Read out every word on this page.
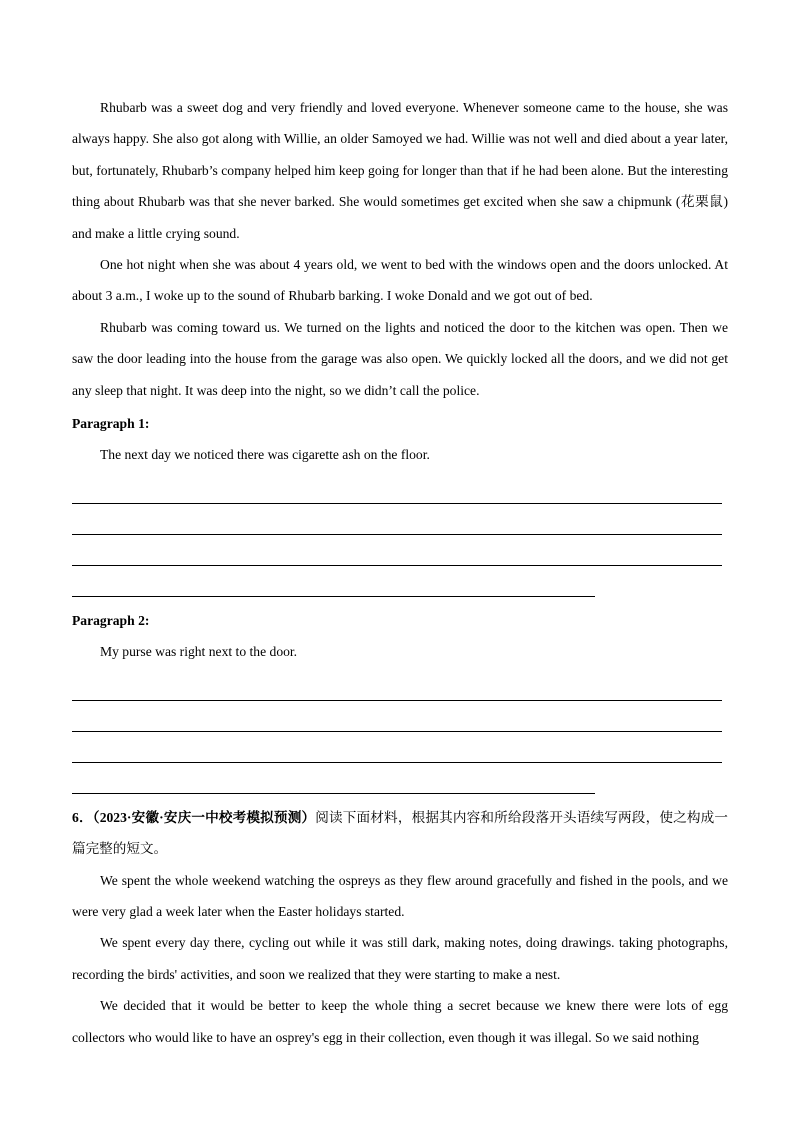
Rhubarb was a sweet dog and very friendly and loved everyone. Whenever someone came to the house, she was always happy. She also got along with Willie, an older Samoyed we had. Willie was not well and died about a year later, but, fortunately, Rhubarb’s company helped him keep going for longer than that if he had been alone. But the interesting thing about Rhubarb was that she never barked. She would sometimes get excited when she saw a chipmunk (花栗鼠) and make a little crying sound.

One hot night when she was about 4 years old, we went to bed with the windows open and the doors unlocked. At about 3 a.m., I woke up to the sound of Rhubarb barking. I woke Donald and we got out of bed.

Rhubarb was coming toward us. We turned on the lights and noticed the door to the kitchen was open. Then we saw the door leading into the house from the garage was also open. We quickly locked all the doors, and we did not get any sleep that night. It was deep into the night, so we didn’t call the police.

Paragraph 1:

The next day we noticed there was cigarette ash on the floor.

Paragraph 2:

My purse was right next to the door.

6．（2023·安徽·安庆一中校考模拟预测）阅读下面材料，根据其内容和所给段落开头语续写两段，使之构成一篇完整的短文。

We spent the whole weekend watching the ospreys as they flew around gracefully and fished in the pools, and we were very glad a week later when the Easter holidays started.

We spent every day there, cycling out while it was still dark, making notes, doing drawings. taking photographs, recording the birds' activities, and soon we realized that they were starting to make a nest.

We decided that it would be better to keep the whole thing a secret because we knew there were lots of egg collectors who would like to have an osprey's egg in their collection, even though it was illegal. So we said nothing
